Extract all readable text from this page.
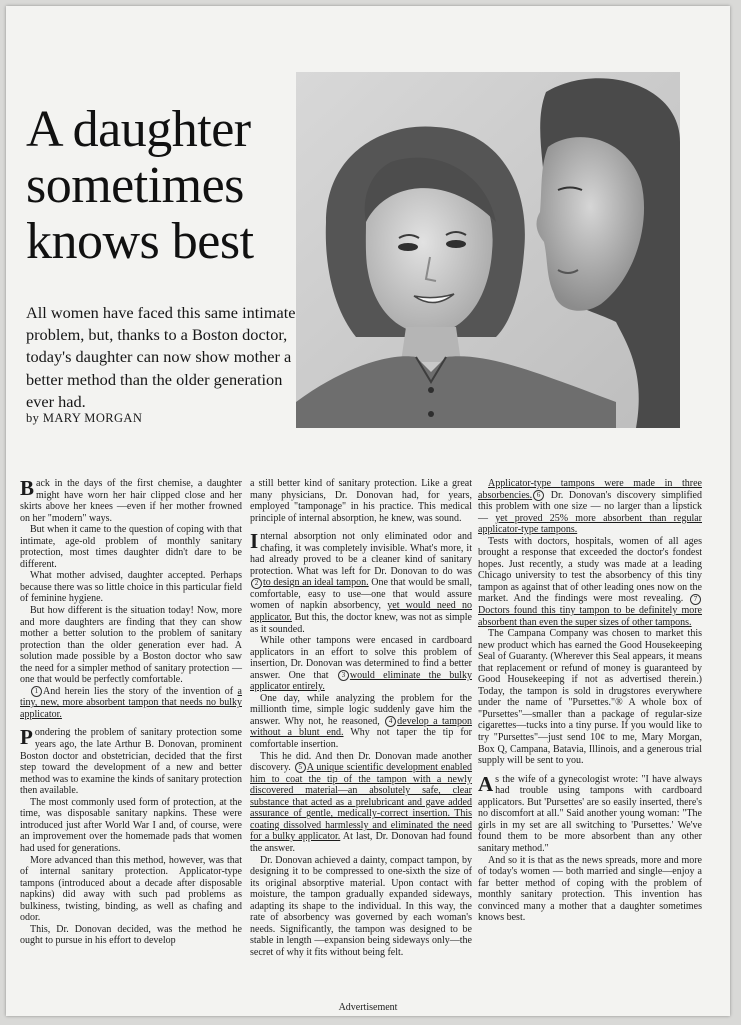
A daughter
sometimes
knows best
All women have faced this same intimate problem, but, thanks to a Boston doctor, today's daughter can now show mother a better method than the older generation ever had.
by MARY MORGAN

Back in the days of the first chemise, a daughter might have worn her hair clipped close and her skirts above her knees —even if her mother frowned on her "modern" ways.

But when it came to the question of coping with that intimate, age-old problem of monthly sanitary protection, most times daughter didn't dare to be different.

What mother advised, daughter accepted. Perhaps because there was so little choice in this particular field of feminine hygiene.

But how different is the situation today! Now, more and more daughters are finding that they can show mother a better solution to the problem of sanitary protection than the older generation ever had. A solution made possible by a Boston doctor who saw the need for a simpler method of sanitary protection — one that would be perfectly comfortable.

1 And herein lies the story of the invention of a tiny, new, more absorbent tampon that needs no bulky applicator.

Pondering the problem of sanitary protection some years ago, the late Arthur B. Donovan, prominent Boston doctor and obstetrician, decided that the first step toward the development of a new and better method was to examine the kinds of sanitary protection then available.

The most commonly used form of protection, at the time, was disposable sanitary napkins. These were introduced just after World War I and, of course, were an improvement over the homemade pads that women had used for generations.

More advanced than this method, however, was that of internal sanitary protection. Applicator-type tampons (introduced about a decade after disposable napkins) did away with such pad problems as bulkiness, twisting, binding, as well as chafing and odor.

This, Dr. Donovan decided, was the method he ought to pursue in his effort to develop

a still better kind of sanitary protection. Like a great many physicians, Dr. Donovan had, for years, employed "tamponage" in his practice. This medical principle of internal absorption, he knew, was sound.

Internal absorption not only eliminated odor and chafing, it was completely invisible. What's more, it had already proved to be a cleaner kind of sanitary protection. What was left for Dr. Donovan to do was 2 to design an ideal tampon. One that would be small, comfortable, easy to use—one that would assure women of napkin absorbency, yet would need no applicator. But this, the doctor knew, was not as simple as it sounded.

While other tampons were encased in cardboard applicators in an effort to solve this problem of insertion, Dr. Donovan was determined to find a better answer. One that 3 would eliminate the bulky applicator entirely.

One day, while analyzing the problem for the millionth time, simple logic suddenly gave him the answer. Why not, he reasoned, 4 develop a tampon without a blunt end. Why not taper the tip for comfortable insertion.

This he did. And then Dr. Donovan made another discovery. 5 A unique scientific development enabled him to coat the tip of the tampon with a newly discovered material—an absolutely safe, clear substance that acted as a prelubricant and gave added assurance of gentle, medically-correct insertion. This coating dissolved harmlessly and eliminated the need for a bulky applicator. At last, Dr. Donovan had found the answer.

Dr. Donovan achieved a dainty, compact tampon, by designing it to be compressed to one-sixth the size of its original absorptive material. Upon contact with moisture, the tampon gradually expanded sideways, adapting its shape to the individual. In this way, the rate of absorbency was governed by each woman's needs. Significantly, the tampon was designed to be stable in length —expansion being sideways only—the secret of why it fits without being felt.

Applicator-type tampons were made in three absorbencies. 6 Dr. Donovan's discovery simplified this problem with one size — no larger than a lipstick — yet proved 25% more absorbent than regular applicator-type tampons.

Tests with doctors, hospitals, women of all ages brought a response that exceeded the doctor's fondest hopes. Just recently, a study was made at a leading Chicago university to test the absorbency of this tiny tampon as against that of other leading ones now on the market. And the findings were most revealing. 7Doctors found this tiny tampon to be definitely more absorbent than even the super sizes of other tampons.

The Campana Company was chosen to market this new product which has earned the Good Housekeeping Seal of Guaranty. (Wherever this Seal appears, it means that replacement or refund of money is guaranteed by Good Housekeeping if not as advertised therein.) Today, the tampon is sold in drugstores everywhere under the name of "Pursettes."® A whole box of "Pursettes"—smaller than a package of regular-size cigarettes—tucks into a tiny purse. If you would like to try "Pursettes"—just send 10¢ to me, Mary Morgan, Box Q, Campana, Batavia, Illinois, and a generous trial supply will be sent to you.

As the wife of a gynecologist wrote: "I have always had trouble using tampons with cardboard applicators. But 'Pursettes' are so easily inserted, there's no discomfort at all." Said another young woman: "The girls in my set are all switching to 'Pursettes.' We've found them to be more absorbent than any other sanitary method."

And so it is that as the news spreads, more and more of today's women — both married and single—enjoy a far better method of coping with the problem of monthly sanitary protection. This invention has convinced many a mother that a daughter sometimes knows best.

Advertisement
